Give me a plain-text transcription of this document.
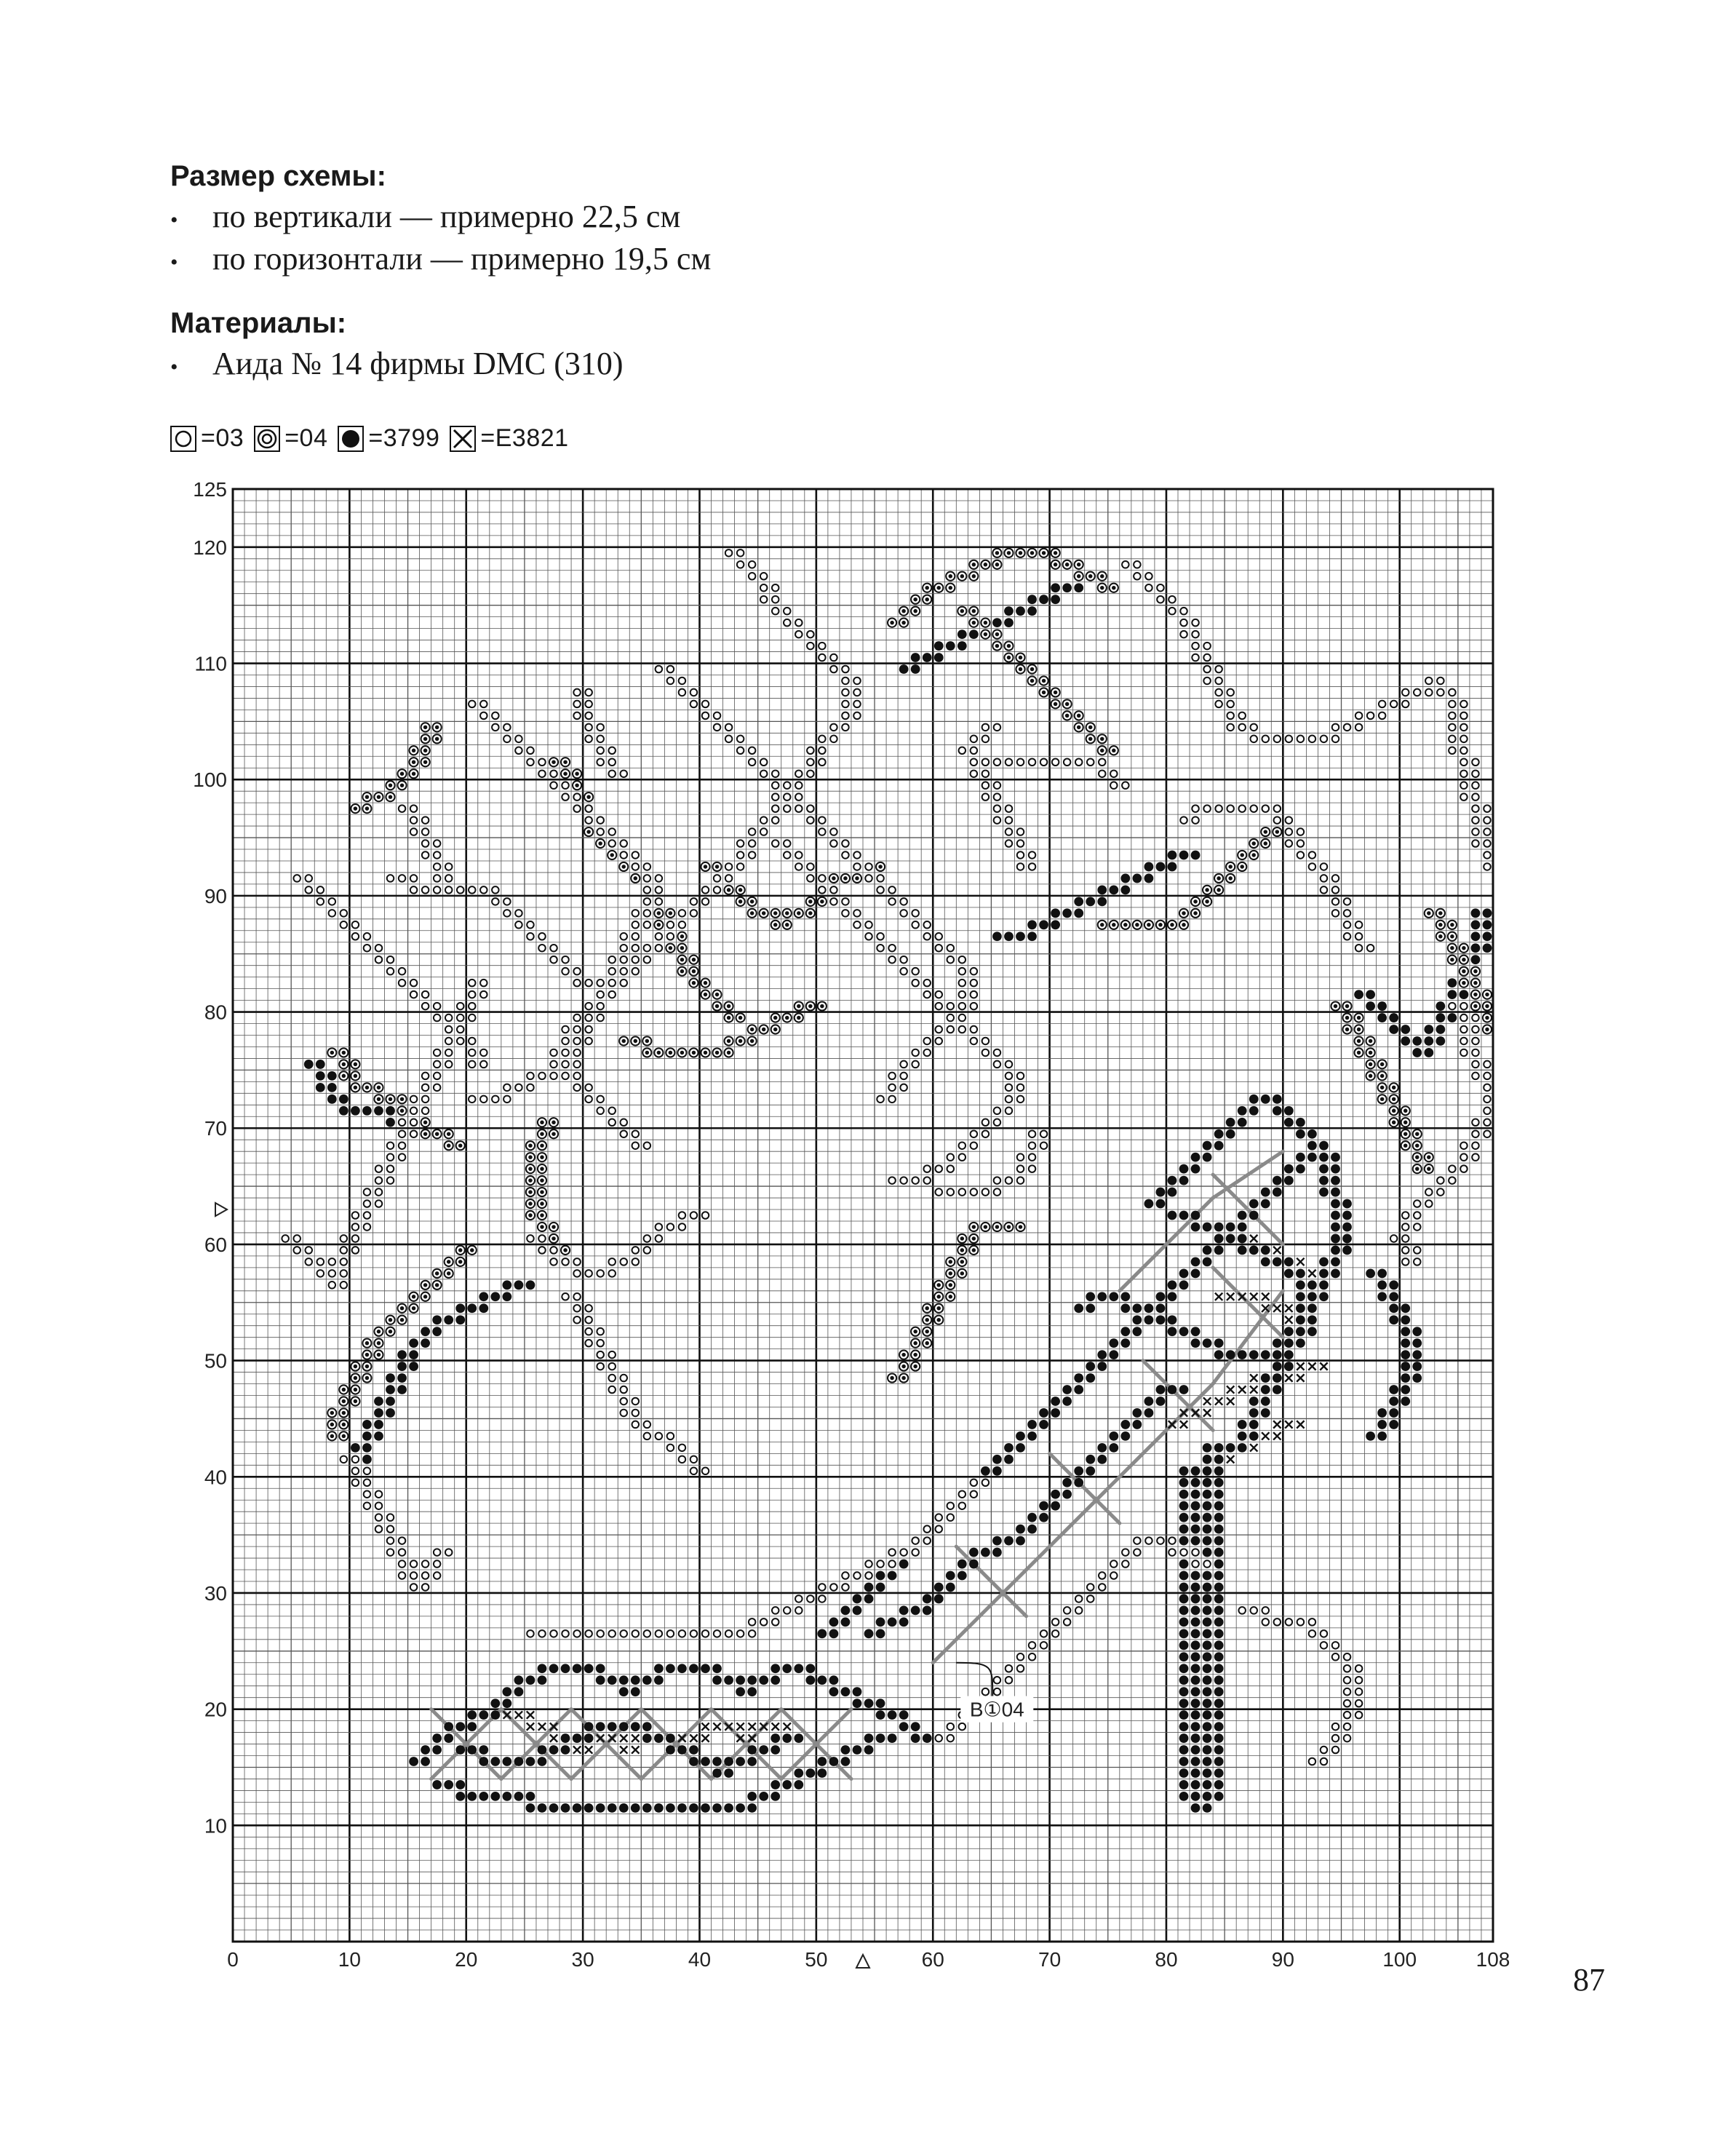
Размер схемы:
•	по вертикали — примерно 22,5 см
•	по горизонтали — примерно 19,5 см
Материалы:
•	Аида № 14 фирмы DMC (310)
=03 =04 =3799 =E3821
0	10	20	30	40	50	60	70	80	90	100	108
10
20
30
40
50
60
70
80
90
100
110
120
125
B①04
87
